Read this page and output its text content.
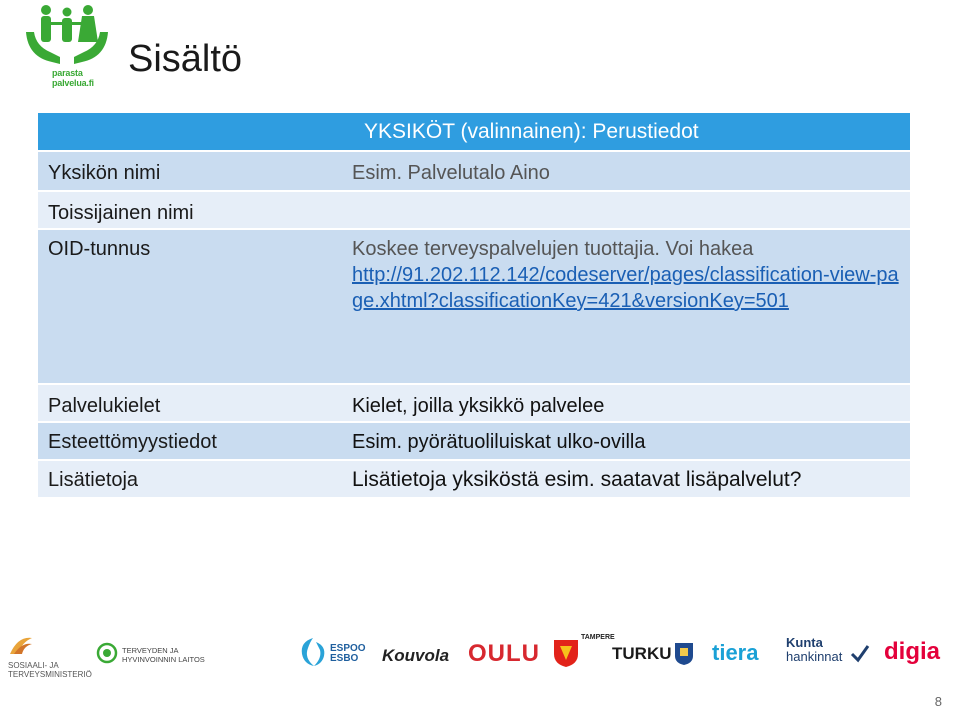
parasta palvelua.fi
Sisältö
	YKSIKÖT (valinnainen): Perustiedot
Yksikön nimi	Esim. Palvelutalo Aino
Toissijainen nimi	
OID-tunnus	Koskee terveyspalvelujen tuottajia. Voi hakea
http://91.202.112.142/codeserver/pages/classification-view-page.xhtml?classificationKey=421&versionKey=501
Palvelukielet	Kielet, joilla yksikkö palvelee
Esteettömyystiedot	Esim. pyörätuoliluiskat ulko-ovilla
Lisätietoja	Lisätietoja yksiköstä esim. saatavat lisäpalvelut?
SOSIAALI- JA
TERVEYSMINISTERIÖ
TERVEYDEN JA
HYVINVOINNIN LAITOS
ESPOO
ESBO Kouvola OULU
TAMPERE
TURKU tiera Kunta
hankinnat	digia
8
